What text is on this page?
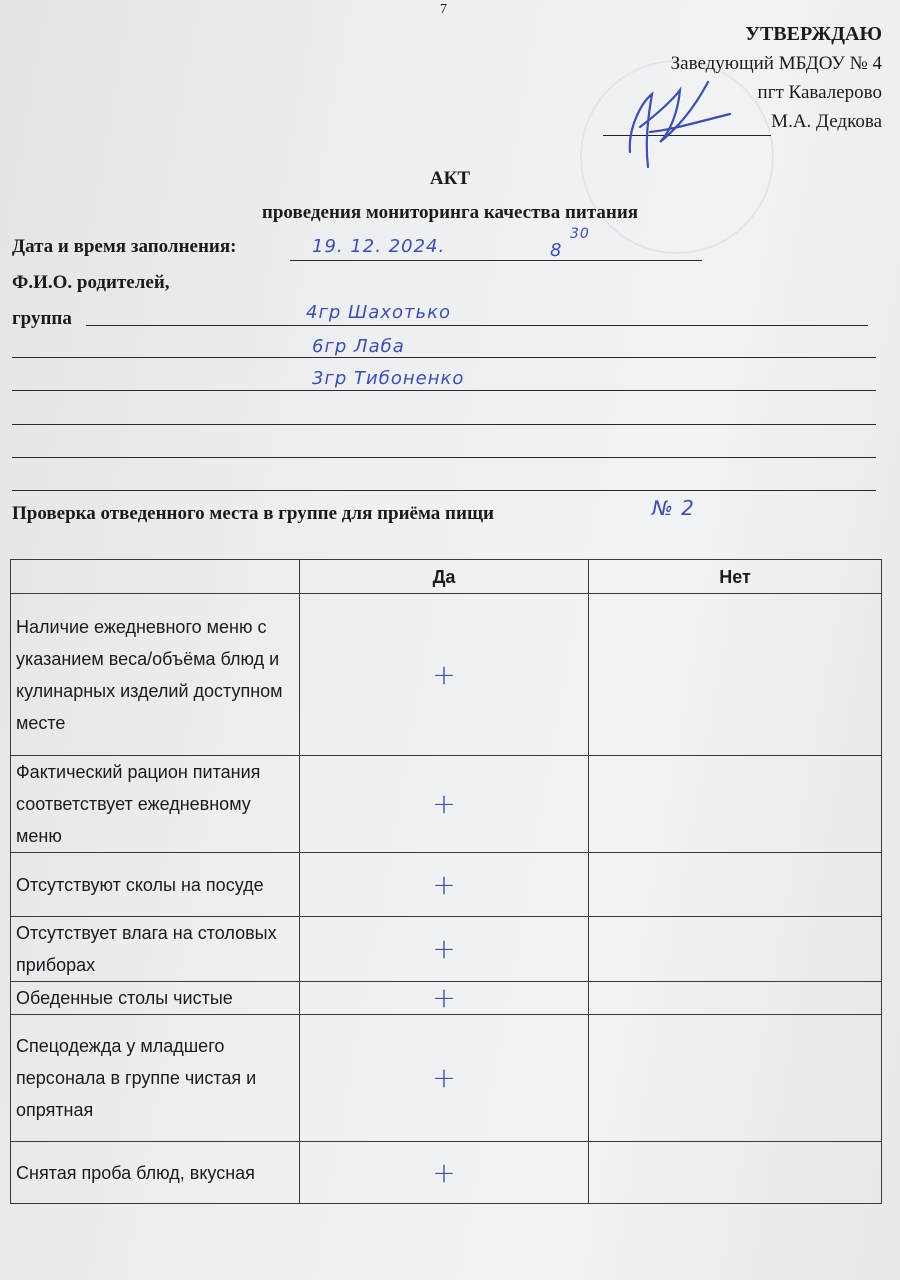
7
УТВЕРЖДАЮ
Заведующий МБДОУ № 4
пгт Кавалерово
М.А. Дедкова
АКТ
проведения мониторинга качества питания
Дата и время заполнения:	19. 12. 2024.	8
30
Ф.И.О. родителей,
группа	4гр Шахотько
6гр Лаба
3гр Тибоненко
Проверка отведенного места в группе для приёма пищи	№ 2
	Да	Нет
Наличие ежедневного меню с указанием веса/объёма блюд и кулинарных изделий доступном месте	+	
Фактический рацион питания соответствует ежедневному меню	+	
Отсутствуют сколы на посуде	+	
Отсутствует влага на столовых приборах	+	
Обеденные столы чистые	+	
Спецодежда у младшего персонала в группе чистая и опрятная	+	
Снятая проба блюд, вкусная	+	
